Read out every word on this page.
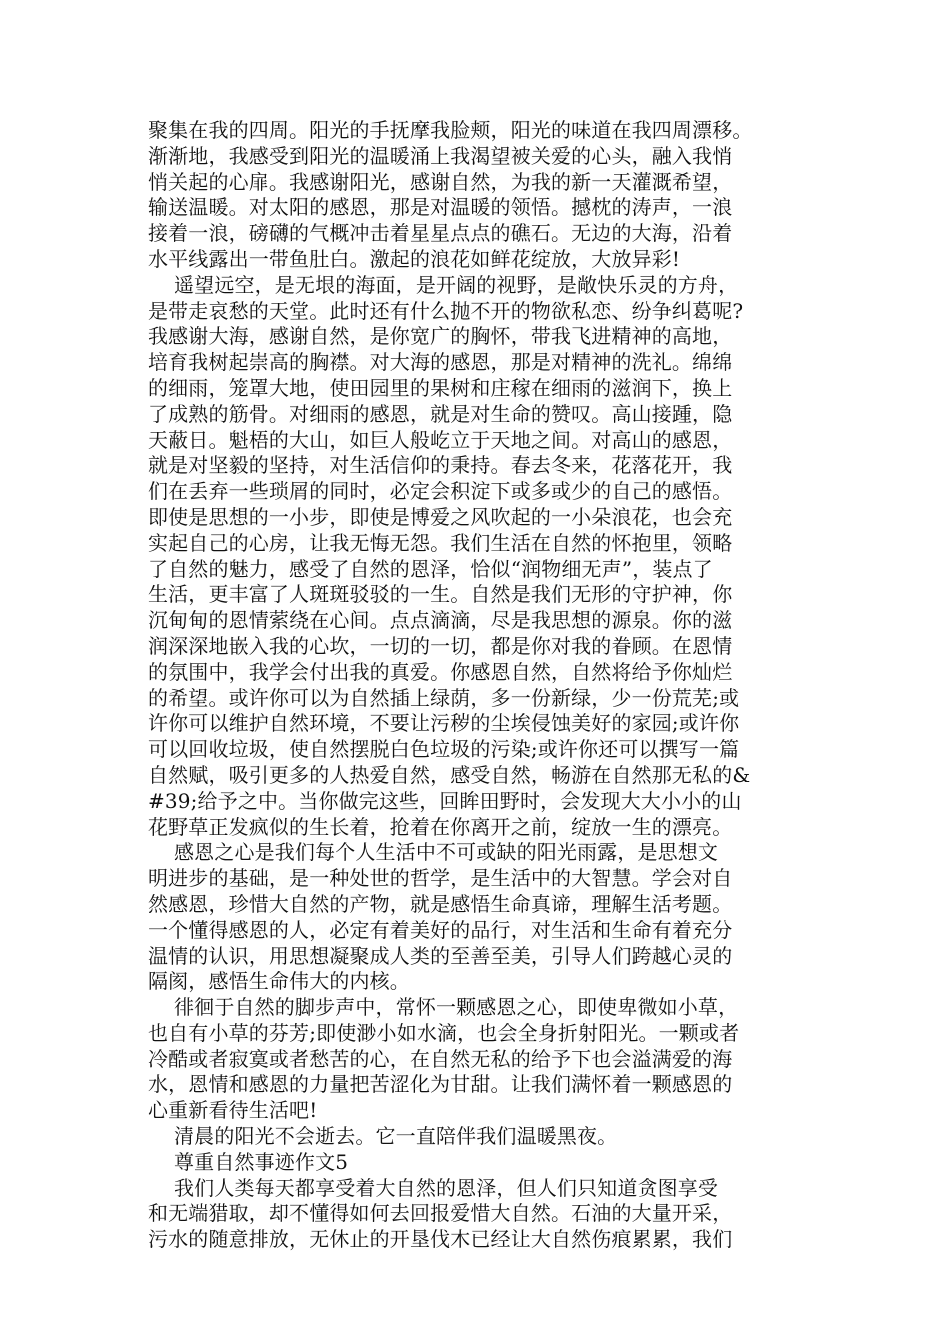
聚集在我的四周。阳光的手抚摩我脸颊，阳光的味道在我四周漂移。
渐渐地，我感受到阳光的温暖涌上我渴望被关爱的心头，融入我悄
悄关起的心扉。我感谢阳光，感谢自然，为我的新一天灌溉希望，
输送温暖。对太阳的感恩，那是对温暖的领悟。撼枕的涛声，一浪
接着一浪，磅礴的气概冲击着星星点点的礁石。无边的大海，沿着
水平线露出一带鱼肚白。激起的浪花如鲜花绽放，大放异彩!
遥望远空，是无垠的海面，是开阔的视野，是敞快乐灵的方舟，
是带走哀愁的天堂。此时还有什么抛不开的物欲私恋、纷争纠葛呢?
我感谢大海，感谢自然，是你宽广的胸怀，带我飞进精神的高地，
培育我树起崇高的胸襟。对大海的感恩，那是对精神的洗礼。绵绵
的细雨，笼罩大地，使田园里的果树和庄稼在细雨的滋润下，换上
了成熟的筋骨。对细雨的感恩，就是对生命的赞叹。高山接踵，隐
天蔽日。魁梧的大山，如巨人般屹立于天地之间。对高山的感恩，
就是对坚毅的坚持，对生活信仰的秉持。春去冬来，花落花开，我
们在丢弃一些琐屑的同时，必定会积淀下或多或少的自己的感悟。
即使是思想的一小步，即使是博爱之风吹起的一小朵浪花，也会充
实起自己的心房，让我无悔无怨。我们生活在自然的怀抱里，领略
了自然的魅力，感受了自然的恩泽，恰似“润物细无声”，装点了
生活，更丰富了人斑斑驳驳的一生。自然是我们无形的守护神，你
沉甸甸的恩情萦绕在心间。点点滴滴，尽是我思想的源泉。你的滋
润深深地嵌入我的心坎，一切的一切，都是你对我的眷顾。在恩情
的氛围中，我学会付出我的真爱。你感恩自然，自然将给予你灿烂
的希望。或许你可以为自然插上绿荫，多一份新绿，少一份荒芜;或
许你可以维护自然环境，不要让污秽的尘埃侵蚀美好的家园;或许你
可以回收垃圾，使自然摆脱白色垃圾的污染;或许你还可以撰写一篇
自然赋，吸引更多的人热爱自然，感受自然，畅游在自然那无私的&
#39;给予之中。当你做完这些，回眸田野时，会发现大大小小的山
花野草正发疯似的生长着，抢着在你离开之前，绽放一生的漂亮。
感恩之心是我们每个人生活中不可或缺的阳光雨露，是思想文
明进步的基础，是一种处世的哲学，是生活中的大智慧。学会对自
然感恩，珍惜大自然的产物，就是感悟生命真谛，理解生活考题。
一个懂得感恩的人，必定有着美好的品行，对生活和生命有着充分
温情的认识，用思想凝聚成人类的至善至美，引导人们跨越心灵的
隔阂，感悟生命伟大的内核。
徘徊于自然的脚步声中，常怀一颗感恩之心，即使卑微如小草，
也自有小草的芬芳;即使渺小如水滴，也会全身折射阳光。一颗或者
冷酷或者寂寞或者愁苦的心，在自然无私的给予下也会溢满爱的海
水，恩情和感恩的力量把苦涩化为甘甜。让我们满怀着一颗感恩的
心重新看待生活吧!
清晨的阳光不会逝去。它一直陪伴我们温暖黑夜。
尊重自然事迹作文5
我们人类每天都享受着大自然的恩泽，但人们只知道贪图享受
和无端猎取，却不懂得如何去回报爱惜大自然。石油的大量开采，
污水的随意排放，无休止的开垦伐木已经让大自然伤痕累累，我们
